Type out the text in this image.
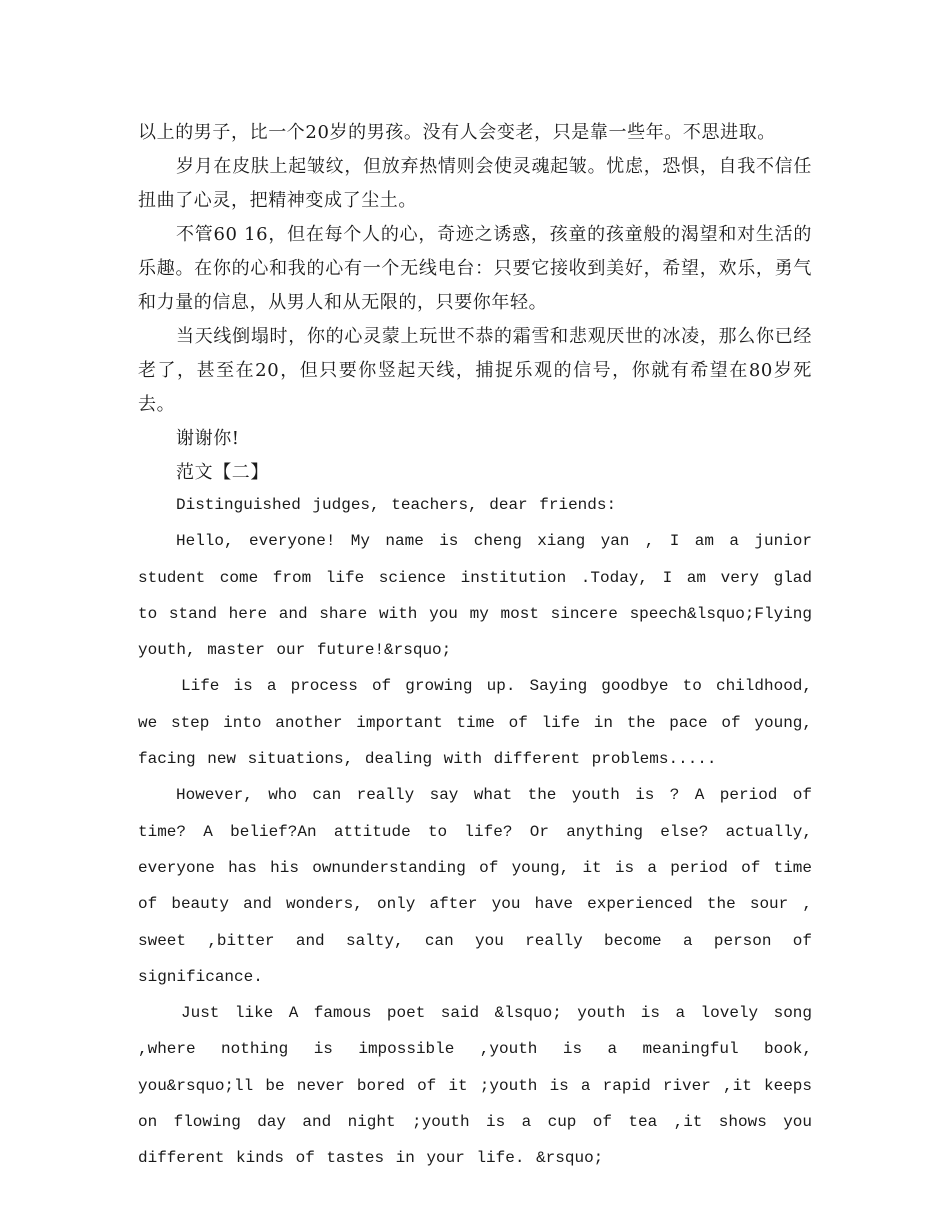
以上的男子，比一个20岁的男孩。没有人会变老，只是靠一些年。不思进取。

岁月在皮肤上起皱纹，但放弃热情则会使灵魂起皱。忧虑，恐惧，自我不信任扭曲了心灵，把精神变成了尘土。

不管60 16，但在每个人的心，奇迹之诱惑，孩童的孩童般的渴望和对生活的乐趣。在你的心和我的心有一个无线电台：只要它接收到美好，希望，欢乐，勇气和力量的信息，从男人和从无限的，只要你年轻。

当天线倒塌时，你的心灵蒙上玩世不恭的霜雪和悲观厌世的冰凌，那么你已经老了，甚至在20，但只要你竖起天线，捕捉乐观的信号，你就有希望在80岁死去。

谢谢你!

范文【二】

Distinguished judges, teachers, dear friends:

Hello, everyone! My name is cheng xiang yan , I am a junior student come from life science institution .Today, I am very glad to stand here and share with you my most sincere speech&lsquo;Flying youth, master our future!&rsquo;

Life is a process of growing up. Saying goodbye to childhood, we step into another important time of life in the pace of young, facing new situations, dealing with different problems.....

However, who can really say what the youth is ? A period of time? A belief?An attitude to life? Or anything else? actually, everyone has his ownunderstanding of young, it is a period of time of beauty and wonders, only after you have experienced the sour , sweet ,bitter and salty, can you really become a person of significance.

Just like A famous poet said &lsquo; youth is a lovely song ,where nothing is impossible ,youth is a meaningful book, you&rsquo;ll be never bored of it ;youth is a rapid river ,it keeps on flowing day and night ;youth is a cup of tea ,it shows you different kinds of tastes in your life. &rsquo;
